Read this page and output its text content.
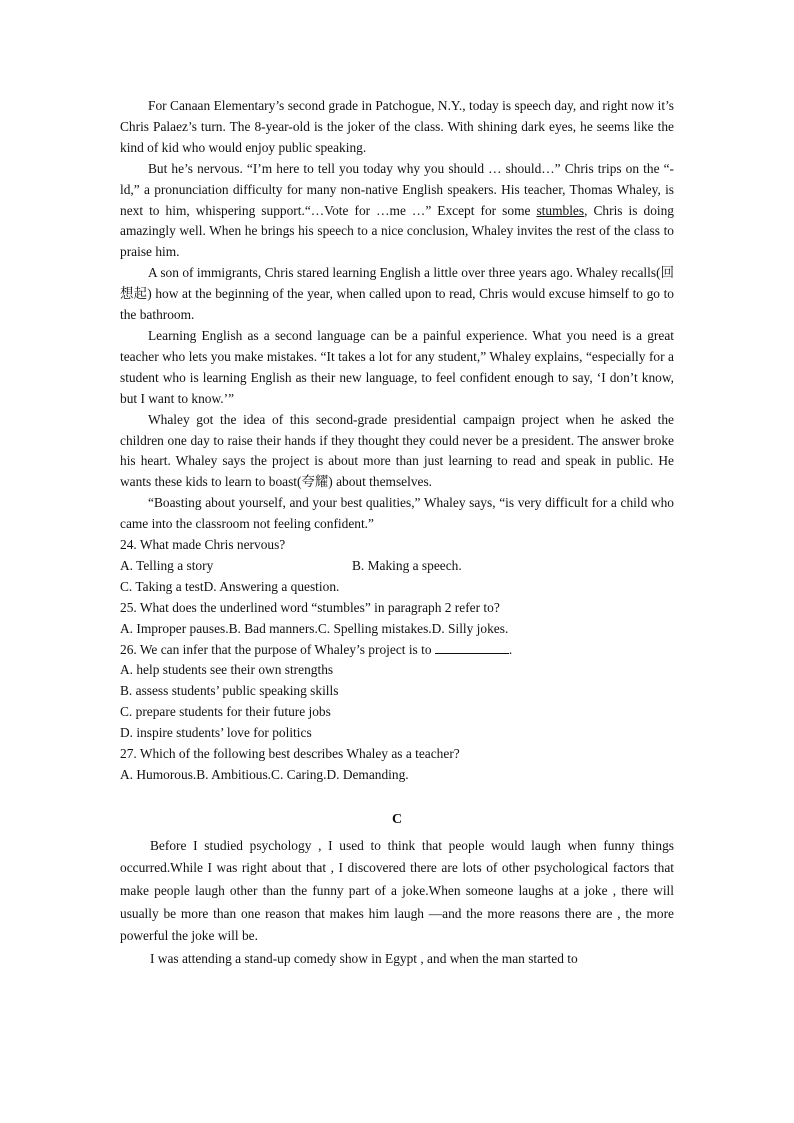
For Canaan Elementary’s second grade in Patchogue, N.Y., today is speech day, and right now it’s Chris Palaez’s turn. The 8-year-old is the joker of the class. With shining dark eyes, he seems like the kind of kid who would enjoy public speaking.

But he’s nervous. “I’m here to tell you today why you should … should…” Chris trips on the “-ld,” a pronunciation difficulty for many non-native English speakers. His teacher, Thomas Whaley, is next to him, whispering support.“…Vote for …me …” Except for some stumbles, Chris is doing amazingly well. When he brings his speech to a nice conclusion, Whaley invites the rest of the class to praise him.

A son of immigrants, Chris stared learning English a little over three years ago. Whaley recalls(回想起) how at the beginning of the year, when called upon to read, Chris would excuse himself to go to the bathroom.

Learning English as a second language can be a painful experience. What you need is a great teacher who lets you make mistakes. “It takes a lot for any student,” Whaley explains, “especially for a student who is learning English as their new language, to feel confident enough to say, ‘I don’t know, but I want to know.’”

Whaley got the idea of this second-grade presidential campaign project when he asked the children one day to raise their hands if they thought they could never be a president. The answer broke his heart. Whaley says the project is about more than just learning to read and speak in public. He wants these kids to learn to boast(夸耀) about themselves.

“Boasting about yourself, and your best qualities,” Whaley says, “is very difficult for a child who came into the classroom not feeling confident.”

24. What made Chris nervous?

A. Telling a story	B. Making a speech.

C. Taking a testD. Answering a question.

25. What does the underlined word “stumbles” in paragraph 2 refer to?

A. Improper pauses.B. Bad manners.C. Spelling mistakes.D. Silly jokes.

26. We can infer that the purpose of Whaley’s project is to	.

A. help students see their own strengths

B. assess students’ public speaking skills

C. prepare students for their future jobs

D. inspire students’ love for politics

27. Which of the following best describes Whaley as a teacher?

A. Humorous.B. Ambitious.C. Caring.D. Demanding.

C

Before I studied psychology , I used to think that people would laugh when funny things occurred.While I was right about that , I discovered there are lots of other psychological factors that make people laugh other than the funny part of a joke.When someone laughs at a joke , there will usually be more than one reason that makes him laugh —and the more reasons there are , the more powerful the joke will be.

I was attending a stand-up comedy show in Egypt , and when the man started to
